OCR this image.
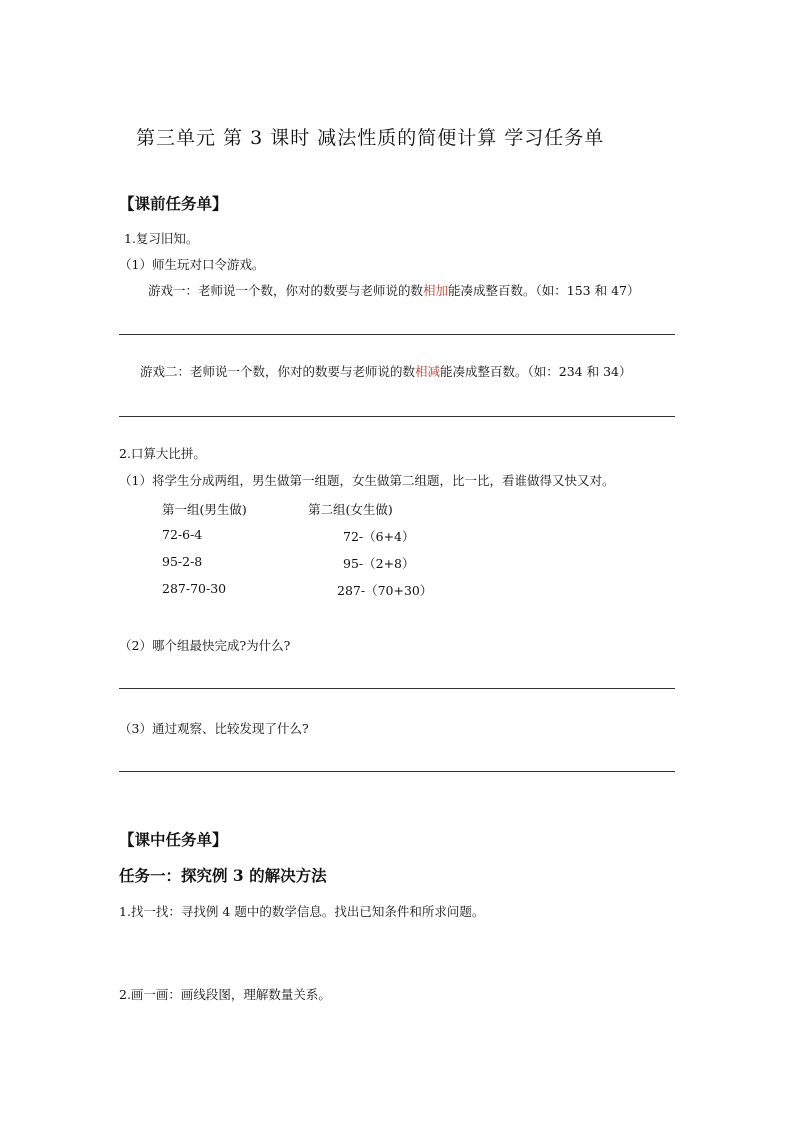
第三单元 第 3 课时 减法性质的简便计算 学习任务单
【课前任务单】
1.复习旧知。
（1）师生玩对口令游戏。
游戏一：老师说一个数，你对的数要与老师说的数相加能凑成整百数。（如：153 和 47）
游戏二：老师说一个数，你对的数要与老师说的数相减能凑成整百数。（如：234 和 34）
2.口算大比拼。
（1）将学生分成两组，男生做第一组题，女生做第二组题，比一比，看谁做得又快又对。
第一组(男生做)	第二组(女生做)
72-6-4	72-（6+4）
95-2-8	95-（2+8）
287-70-30	287-（70+30）
（2）哪个组最快完成?为什么?
（3）通过观察、比较发现了什么?
【课中任务单】
任务一：探究例 3 的解决方法
1.找一找：寻找例 4 题中的数学信息。找出已知条件和所求问题。
2.画一画：画线段图，理解数量关系。
